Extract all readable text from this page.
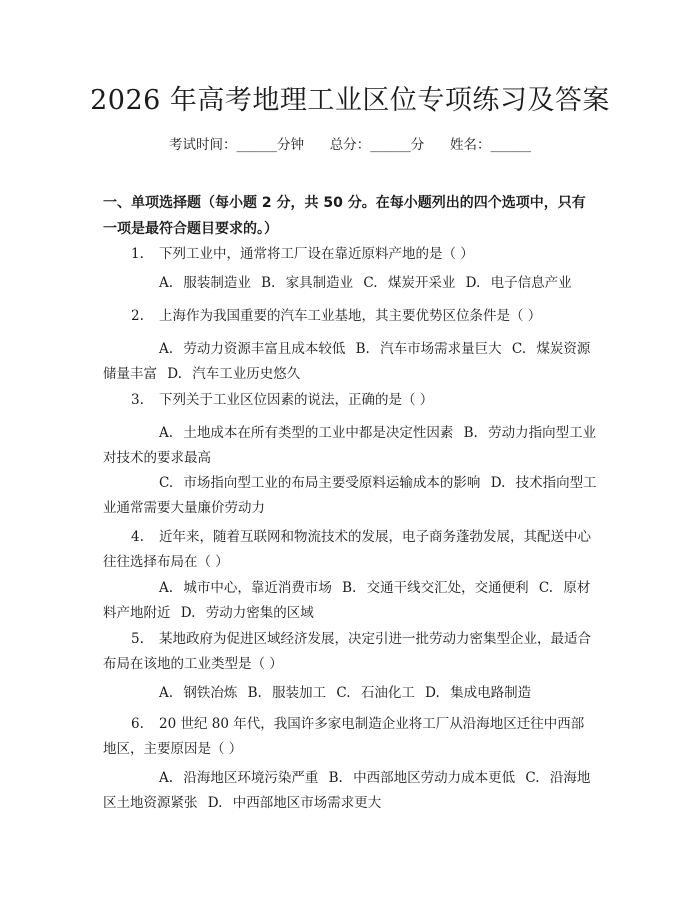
2026 年高考地理工业区位专项练习及答案
考试时间：______分钟      总分：______分      姓名：______
一、单项选择题（每小题 2 分，共 50 分。在每小题列出的四个选项中，只有一项是最符合题目要求的。）
1. 下列工业中，通常将工厂设在靠近原料产地的是（ ）
A. 服装制造业 B. 家具制造业 C. 煤炭开采业 D. 电子信息产业
2. 上海作为我国重要的汽车工业基地，其主要优势区位条件是（ ）
A. 劳动力资源丰富且成本较低 B. 汽车市场需求量巨大 C. 煤炭资源储量丰富 D. 汽车工业历史悠久
3. 下列关于工业区位因素的说法，正确的是（ ）
A. 土地成本在所有类型的工业中都是决定性因素 B. 劳动力指向型工业对技术的要求最高
C. 市场指向型工业的布局主要受原料运输成本的影响 D. 技术指向型工业通常需要大量廉价劳动力
4. 近年来，随着互联网和物流技术的发展，电子商务蓬勃发展，其配送中心往往选择布局在（ ）
A. 城市中心，靠近消费市场 B. 交通干线交汇处，交通便利 C. 原材料产地附近 D. 劳动力密集的区域
5. 某地政府为促进区域经济发展，决定引进一批劳动力密集型企业，最适合布局在该地的工业类型是（ ）
A. 钢铁冶炼 B. 服装加工 C. 石油化工 D. 集成电路制造
6. 20 世纪 80 年代，我国许多家电制造企业将工厂从沿海地区迁往中西部地区，主要原因是（ ）
A. 沿海地区环境污染严重 B. 中西部地区劳动力成本更低 C. 沿海地区土地资源紧张 D. 中西部地区市场需求更大
